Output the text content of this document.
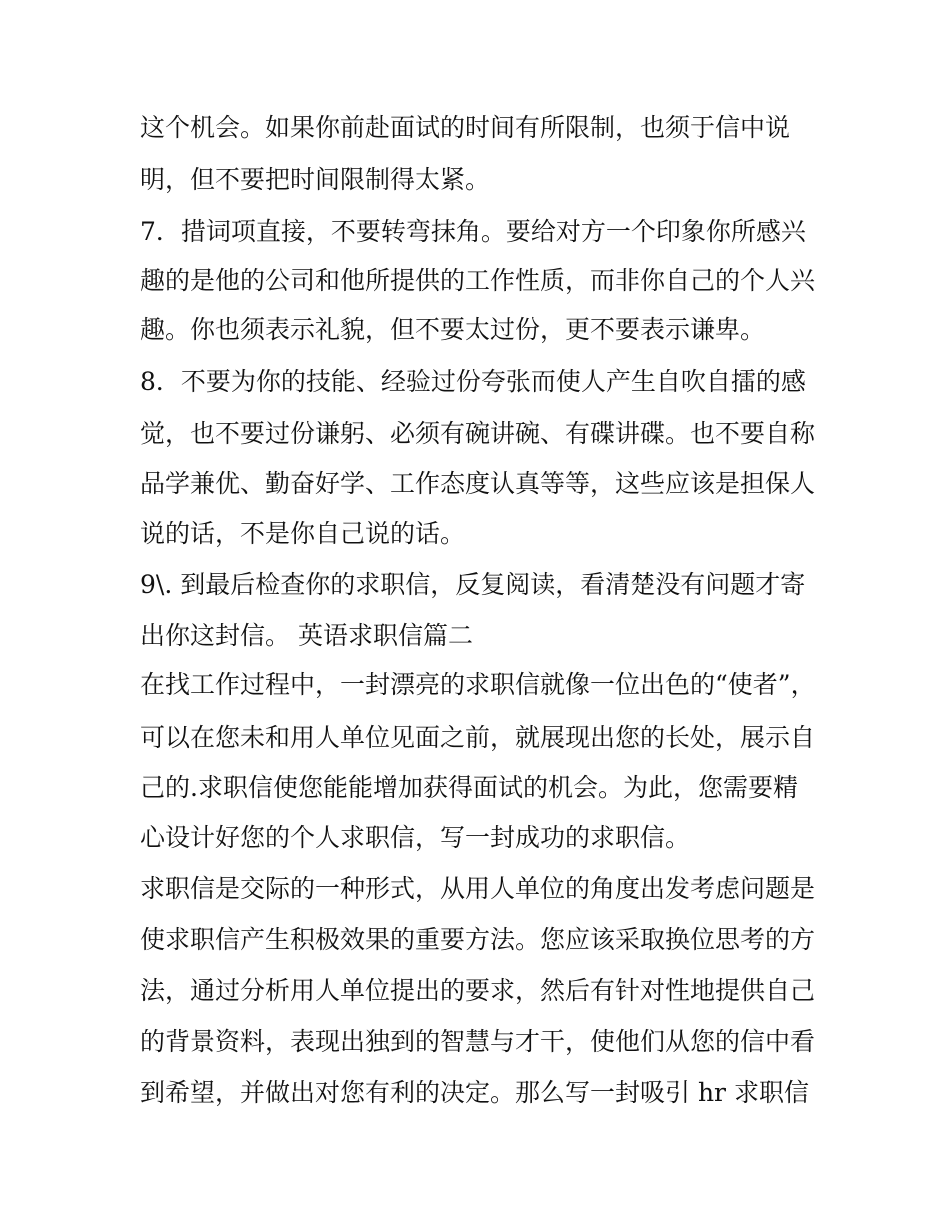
这个机会。如果你前赴面试的时间有所限制，也须于信中说
明，但不要把时间限制得太紧。
7．措词项直接，不要转弯抹角。要给对方一个印象你所感兴
趣的是他的公司和他所提供的工作性质，而非你自己的个人兴
趣。你也须表示礼貌，但不要太过份，更不要表示谦卑。
8．不要为你的技能、经验过份夸张而使人产生自吹自擂的感
觉，也不要过份谦躬、必须有碗讲碗、有碟讲碟。也不要自称
品学兼优、勤奋好学、工作态度认真等等，这些应该是担保人
说的话，不是你自己说的话。
9\. 到最后检查你的求职信，反复阅读，看清楚没有问题才寄
出你这封信。 英语求职信篇二
在找工作过程中，一封漂亮的求职信就像一位出色的“使者”，
可以在您未和用人单位见面之前，就展现出您的长处，展示自
己的.求职信使您能能增加获得面试的机会。为此，您需要精
心设计好您的个人求职信，写一封成功的求职信。
求职信是交际的一种形式，从用人单位的角度出发考虑问题是
使求职信产生积极效果的重要方法。您应该采取换位思考的方
法，通过分析用人单位提出的要求，然后有针对性地提供自己
的背景资料，表现出独到的智慧与才干，使他们从您的信中看
到希望，并做出对您有利的决定。那么写一封吸引 hr 求职信
